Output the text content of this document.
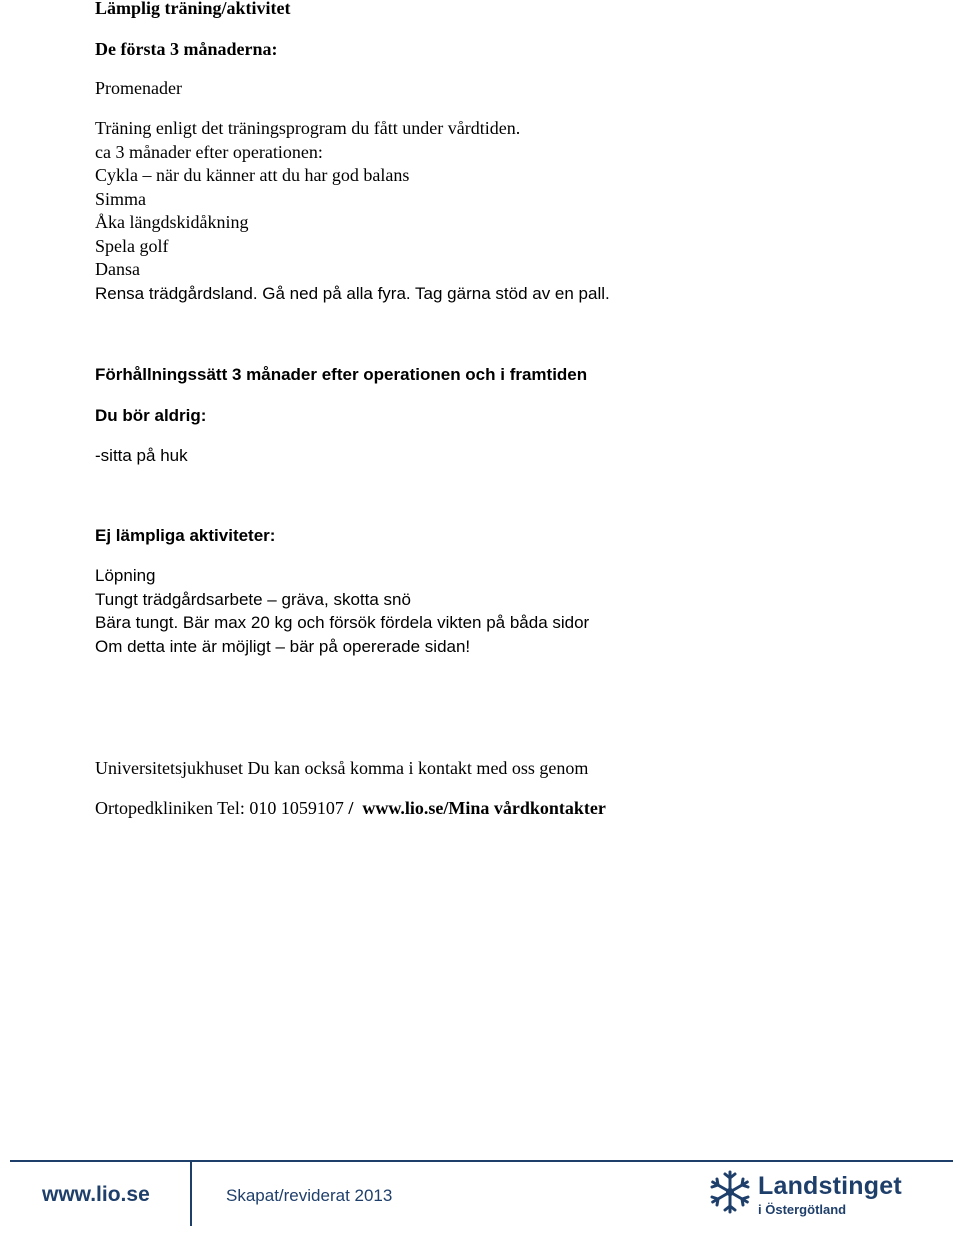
Lämplig träning/aktivitet
De första 3 månaderna:
Promenader
Träning enligt det träningsprogram du fått under vårdtiden.
ca 3 månader efter operationen:
Cykla – när du känner att du har god balans
Simma
Åka längdskidåkning
Spela golf
Dansa
Rensa trädgårdsland. Gå ned på alla fyra. Tag gärna stöd av en pall.
Förhållningssätt 3 månader efter operationen och i framtiden
Du bör aldrig:
-sitta på huk
Ej lämpliga aktiviteter:
Löpning
Tungt trädgårdsarbete – gräva, skotta snö
Bära tungt. Bär max 20 kg och försök fördela vikten på båda sidor
Om detta inte är möjligt – bär på opererade sidan!
Universitetsjukhuset Du kan också komma i kontakt med oss genom
Ortopedkliniken Tel: 010 1059107 /  www.lio.se/Mina vårdkontakter
www.lio.se	Skapat/reviderat 2013	Landstinget
i Östergötland
